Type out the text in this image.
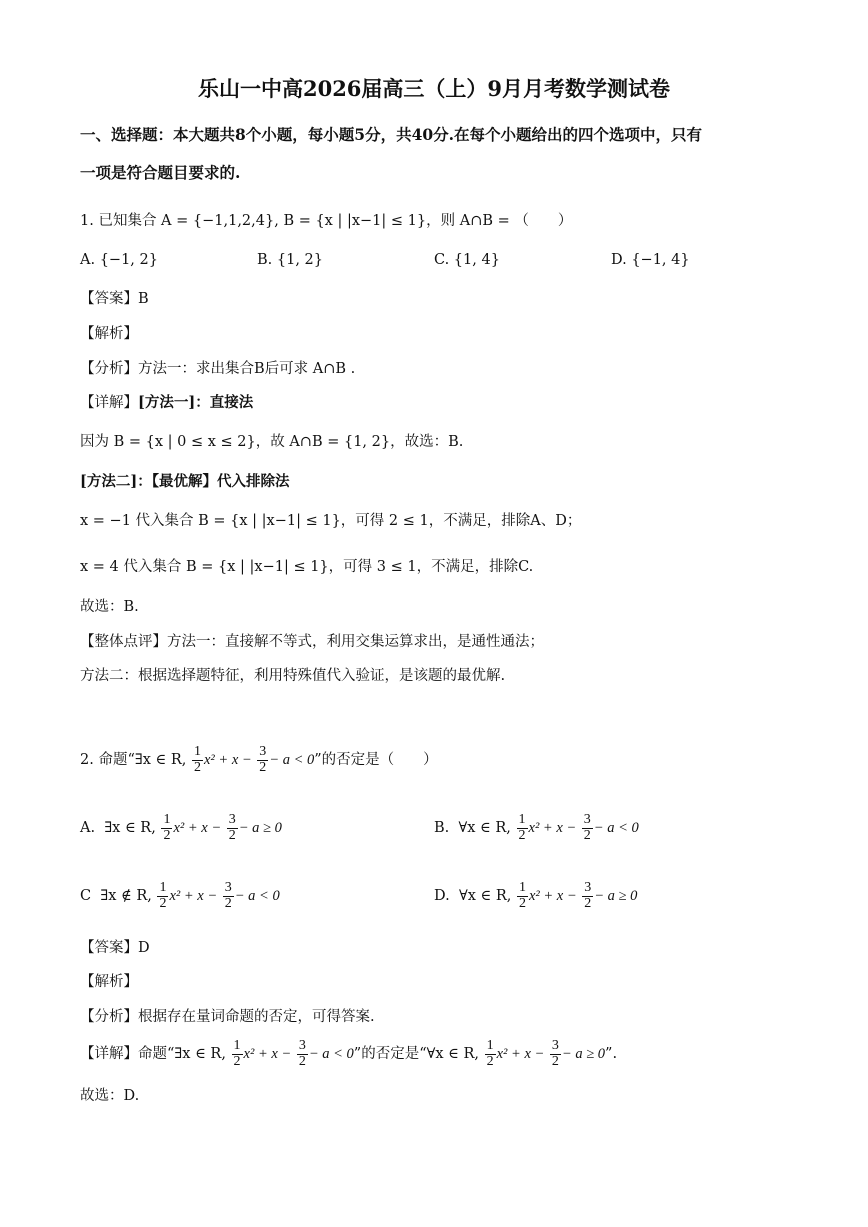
乐山一中高2026届高三（上）9月月考数学测试卷
一、选择题：本大题共8个小题，每小题5分，共40分.在每个小题给出的四个选项中，只有
一项是符合题目要求的.
1. 已知集合 A = {−1,1,2,4}, B = {x | |x−1| ≤ 1}，则 A∩B = （　　）
A. {−1, 2}	B. {1, 2}	C. {1, 4}	D. {−1, 4}
【答案】B
【解析】
【分析】方法一：求出集合B后可求 A∩B .
【详解】[方法一]：直接法
因为 B = {x | 0 ≤ x ≤ 2}，故 A∩B = {1, 2}，故选：B.
[方法二]：【最优解】代入排除法
x = −1 代入集合 B = {x | |x−1| ≤ 1}，可得 2 ≤ 1，不满足，排除A、D；
x = 4 代入集合 B = {x | |x−1| ≤ 1}，可得 3 ≤ 1，不满足，排除C.
故选：B.
【整体点评】方法一：直接解不等式，利用交集运算求出，是通性通法；
方法二：根据选择题特征，利用特殊值代入验证，是该题的最优解.
2. 命题“∃x ∈ R, $\frac{1}{2} x^2 + x - \frac{3}{2} - a < 0$”的否定是（　　）
A. ∃x ∈ R, $\frac{1}{2} x^2 + x - \frac{3}{2} - a \ge 0$	B. ∀x ∈ R, $\frac{1}{2} x^2 + x - \frac{3}{2} - a < 0$
C ∃x ∉ R, $\frac{1}{2} x^2 + x - \frac{3}{2} - a < 0$	D. ∀x ∈ R, $\frac{1}{2} x^2 + x - \frac{3}{2} - a \ge 0$
【答案】D
【解析】
【分析】根据存在量词命题的否定，可得答案.
【详解】命题“∃x ∈ R, $\frac{1}{2} x^2 + x - \frac{3}{2} - a < 0$”的否定是“∀x ∈ R, $\frac{1}{2} x^2 + x - \frac{3}{2} - a \ge 0$”.
故选：D.
